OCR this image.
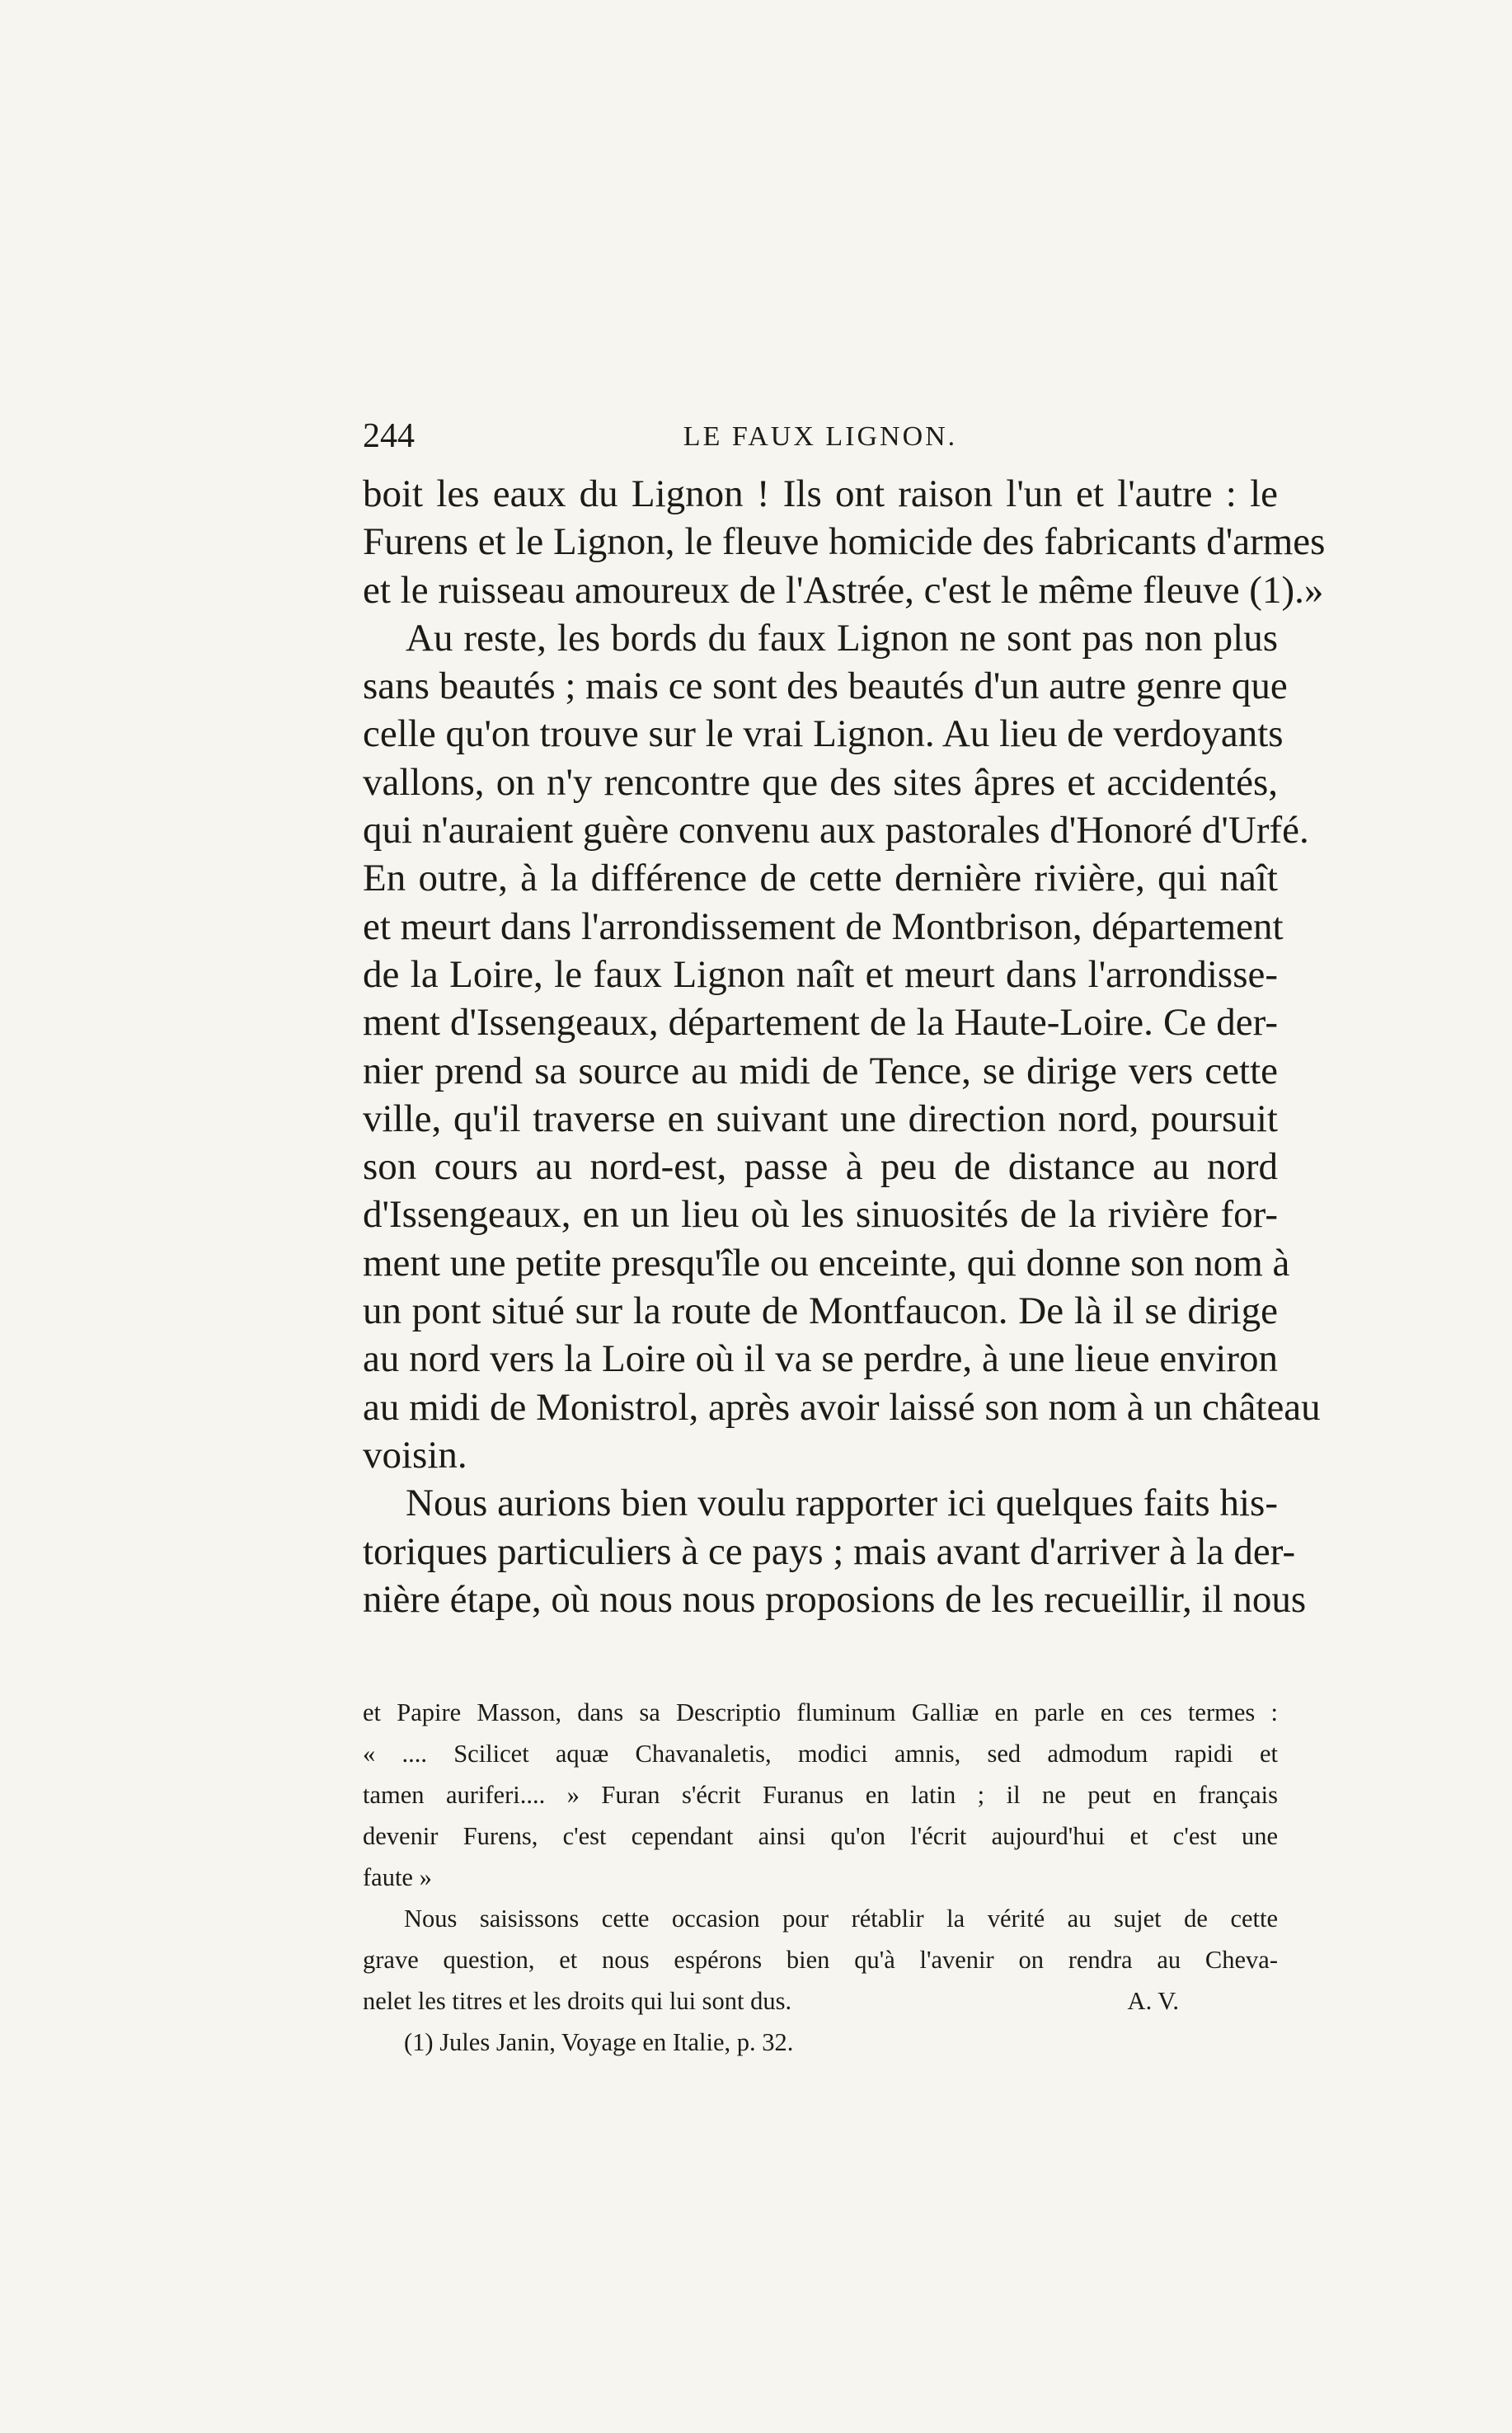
244	LE FAUX LIGNON.
boit les eaux du Lignon ! Ils ont raison l'un et l'autre : le
Furens et le Lignon, le fleuve homicide des fabricants d'armes
et le ruisseau amoureux de l'Astrée, c'est le même fleuve (1).»
Au reste, les bords du faux Lignon ne sont pas non plus
sans beautés ; mais ce sont des beautés d'un autre genre que
celle qu'on trouve sur le vrai Lignon. Au lieu de verdoyants
vallons, on n'y rencontre que des sites âpres et accidentés,
qui n'auraient guère convenu aux pastorales d'Honoré d'Urfé.
En outre, à la différence de cette dernière rivière, qui naît
et meurt dans l'arrondissement de Montbrison, département
de la Loire, le faux Lignon naît et meurt dans l'arrondisse-
ment d'Issengeaux, département de la Haute-Loire. Ce der-
nier prend sa source au midi de Tence, se dirige vers cette
ville, qu'il traverse en suivant une direction nord, poursuit
son cours au nord-est, passe à peu de distance au nord
d'Issengeaux, en un lieu où les sinuosités de la rivière for-
ment une petite presqu'île ou enceinte, qui donne son nom à
un pont situé sur la route de Montfaucon. De là il se dirige
au nord vers la Loire où il va se perdre, à une lieue environ
au midi de Monistrol, après avoir laissé son nom à un château
voisin.
Nous aurions bien voulu rapporter ici quelques faits his-
toriques particuliers à ce pays ; mais avant d'arriver à la der-
nière étape, où nous nous proposions de les recueillir, il nous
et Papire Masson, dans sa Descriptio fluminum Galliæ en parle en ces termes :
« .... Scilicet aquæ Chavanaletis, modici amnis, sed admodum rapidi et
tamen auriferi.... » Furan s'écrit Furanus en latin ; il ne peut en français
devenir Furens, c'est cependant ainsi qu'on l'écrit aujourd'hui et c'est une
faute »
Nous saisissons cette occasion pour rétablir la vérité au sujet de cette
grave question, et nous espérons bien qu'à l'avenir on rendra au Cheva-
nelet les titres et les droits qui lui sont dus.	A. V.
(1) Jules Janin, Voyage en Italie, p. 32.
